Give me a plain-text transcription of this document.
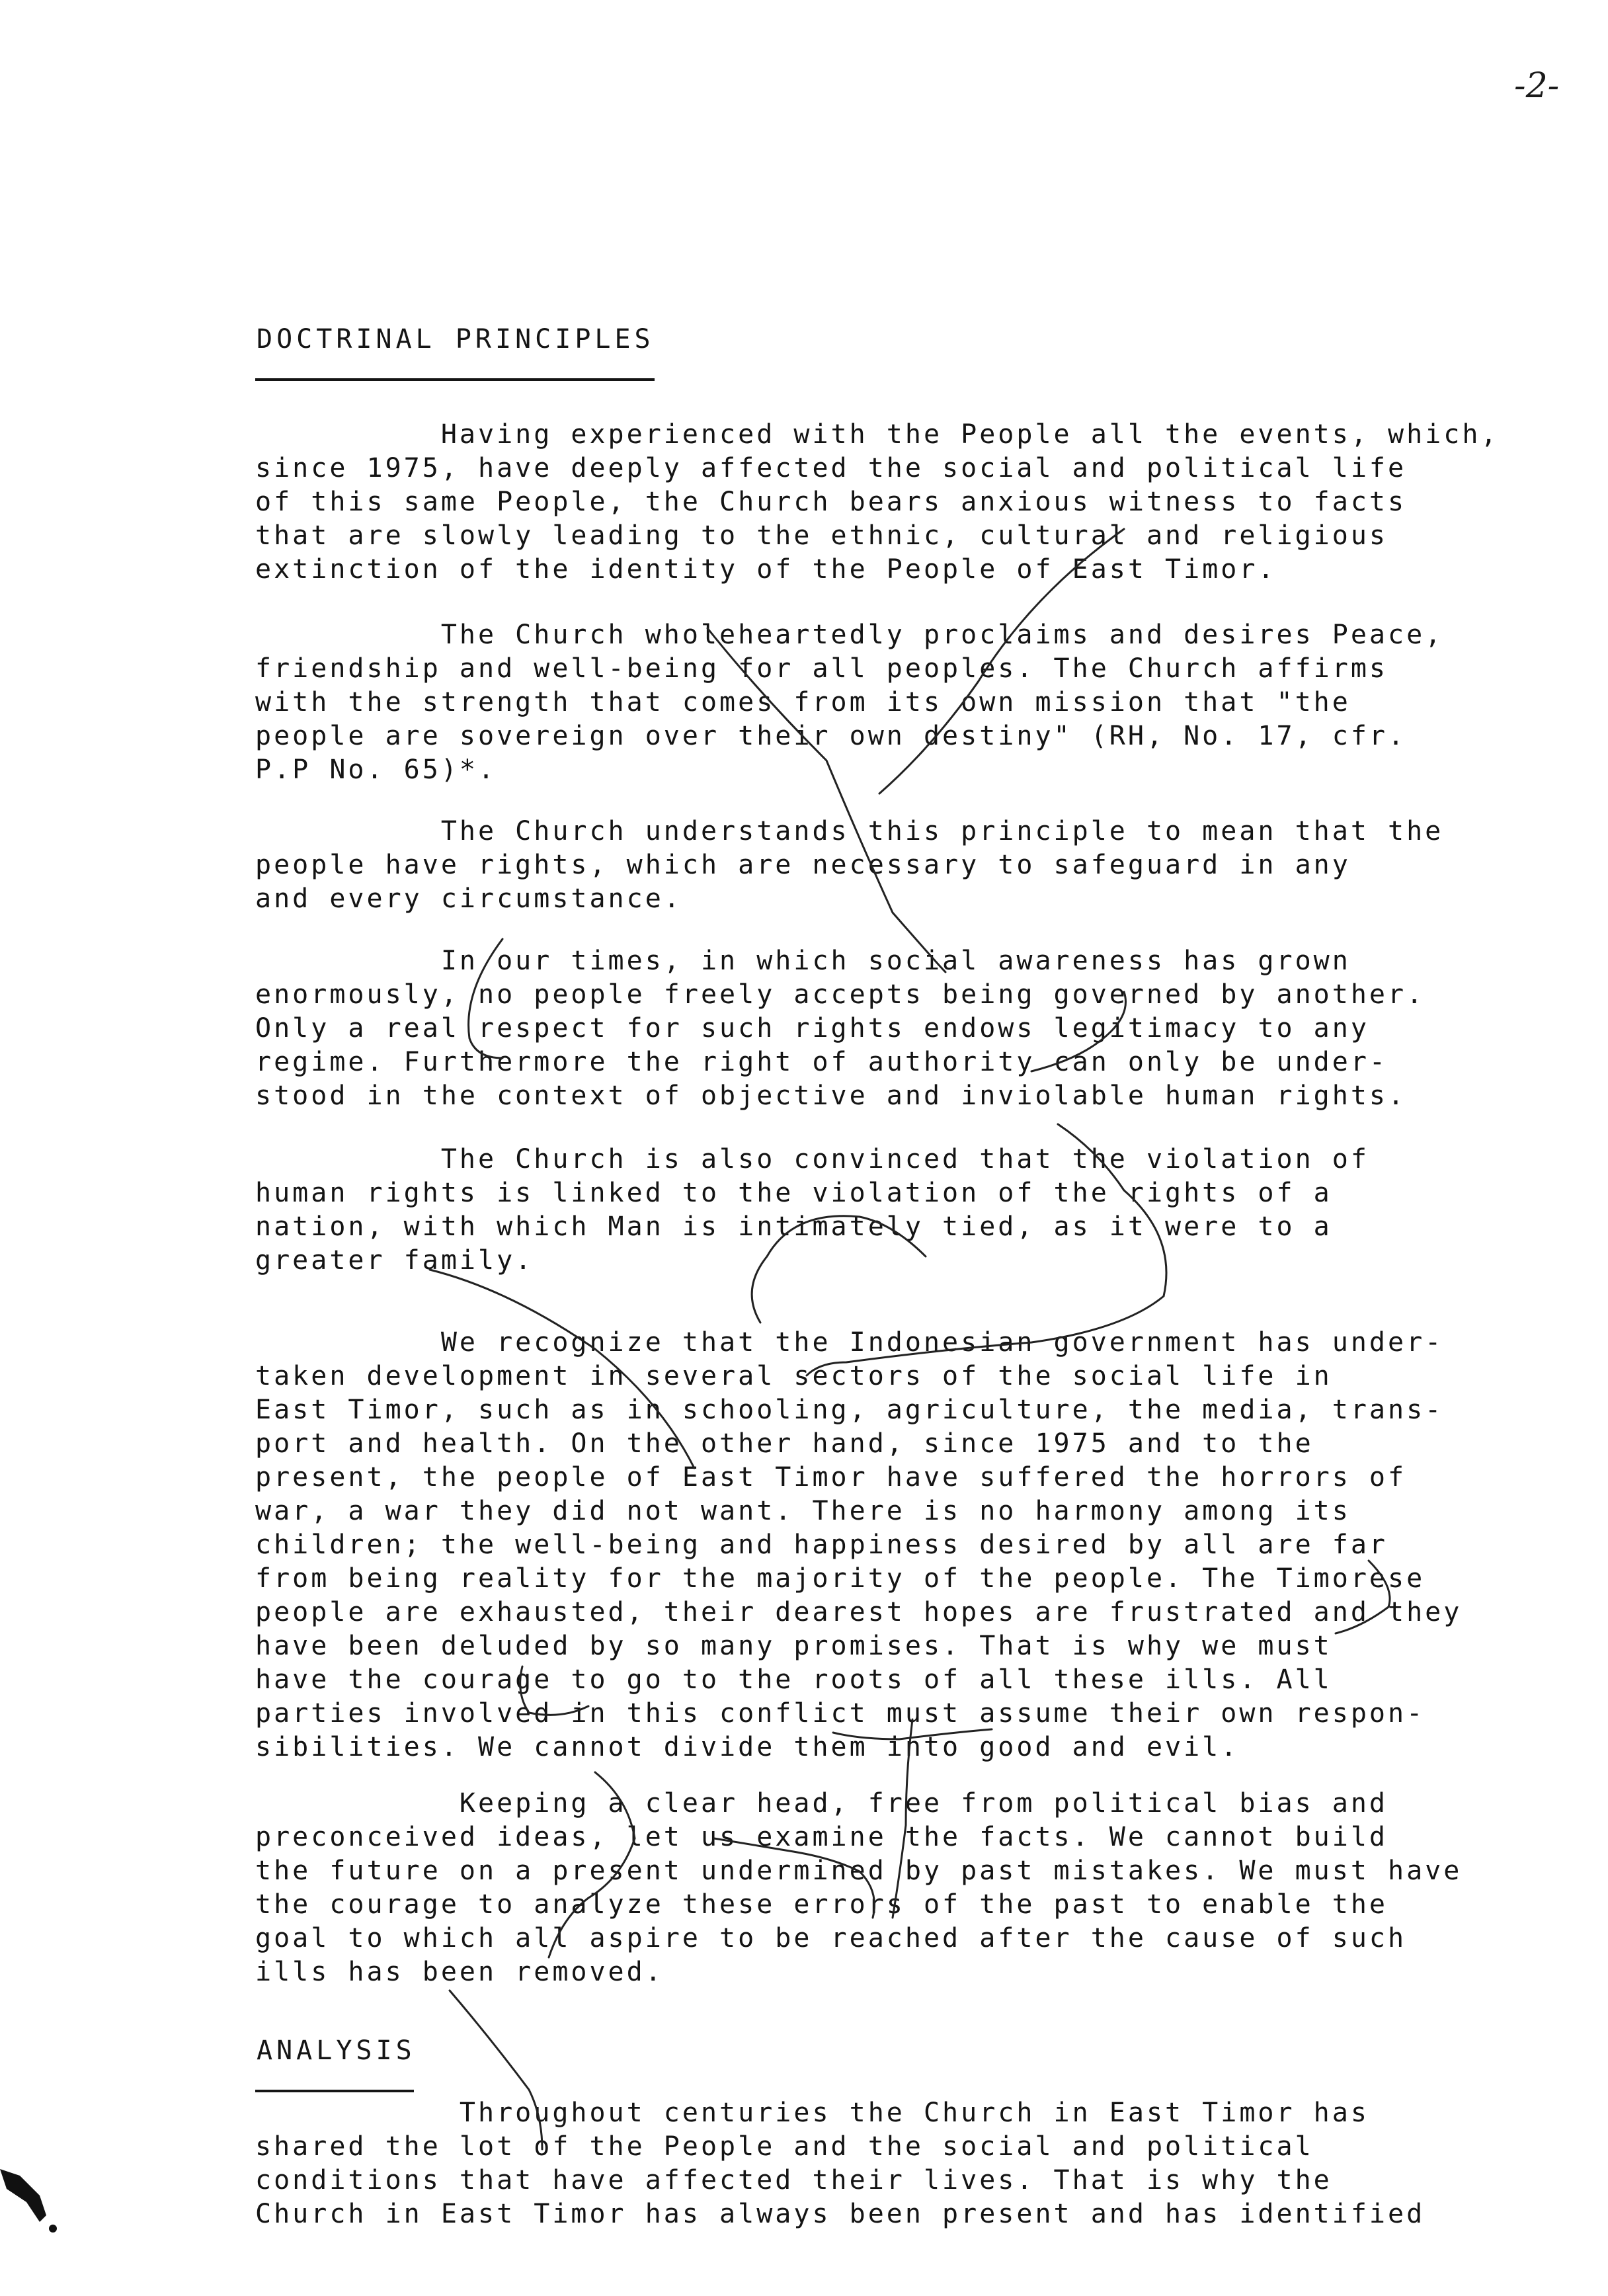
-2-
DOCTRINAL PRINCIPLES
Having experienced with the People all the events, which,
since 1975, have deeply affected the social and political life
of this same People, the Church bears anxious witness to facts
that are slowly leading to the ethnic, cultural and religious
extinction of the identity of the People of East Timor.
The Church wholeheartedly proclaims and desires Peace,
friendship and well-being for all peoples. The Church affirms
with the strength that comes from its own mission that "the
people are sovereign over their own destiny" (RH, No. 17, cfr.
P.P No. 65)*.
The Church understands this principle to mean that the
people have rights, which are necessary to safeguard in any
and every circumstance.
In our times, in which social awareness has grown
enormously, no people freely accepts being governed by another.
Only a real respect for such rights endows legitimacy to any
regime. Furthermore the right of authority can only be under-
stood in the context of objective and inviolable human rights.
The Church is also convinced that the violation of
human rights is linked to the violation of the rights of a
nation, with which Man is intimately tied, as it were to a
greater family.
We recognize that the Indonesian government has under-
taken development in several sectors of the social life in
East Timor, such as in schooling, agriculture, the media, trans-
port and health. On the other hand, since 1975 and to the
present, the people of East Timor have suffered the horrors of
war, a war they did not want. There is no harmony among its
children; the well-being and happiness desired by all are far
from being reality for the majority of the people. The Timorese
people are exhausted, their dearest hopes are frustrated and they
have been deluded by so many promises. That is why we must
have the courage to go to the roots of all these ills. All
parties involved in this conflict must assume their own respon-
sibilities. We cannot divide them into good and evil.
Keeping a clear head, free from political bias and
preconceived ideas, let us examine the facts. We cannot build
the future on a present undermined by past mistakes. We must have
the courage to analyze these errors of the past to enable the
goal to which all aspire to be reached after the cause of such
ills has been removed.
ANALYSIS
Throughout centuries the Church in East Timor has
shared the lot of the People and the social and political
conditions that have affected their lives. That is why the
Church in East Timor has always been present and has identified
